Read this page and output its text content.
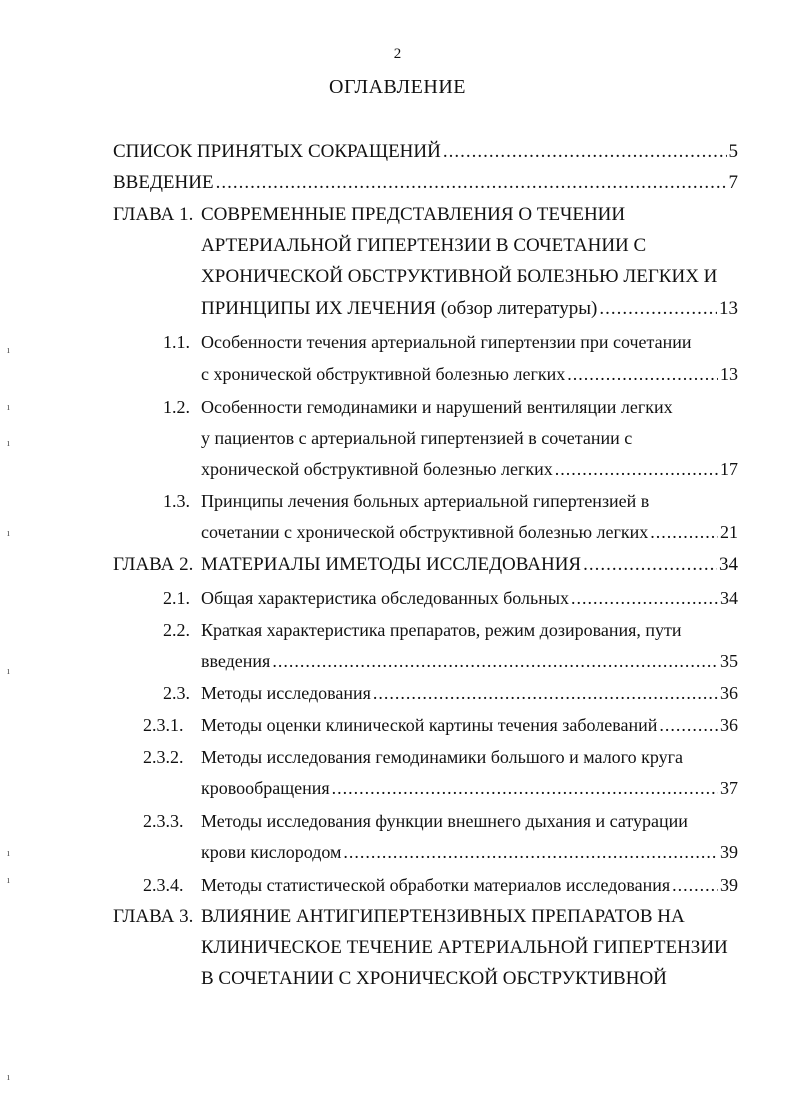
2
ОГЛАВЛЕНИЕ
СПИСОК ПРИНЯТЫХ СОКРАЩЕНИЙ .....	5
ВВЕДЕНИЕ .....	7
ГЛАВА 1. СОВРЕМЕННЫЕ ПРЕДСТАВЛЕНИЯ О ТЕЧЕНИИ
АРТЕРИАЛЬНОЙ ГИПЕРТЕНЗИИ В СОЧЕТАНИИ С
ХРОНИЧЕСКОЙ ОБСТРУКТИВНОЙ БОЛЕЗНЬЮ ЛЕГКИХ И
ПРИНЦИПЫ ИХ ЛЕЧЕНИЯ (обзор литературы) .....	13
1.1. Особенности течения артериальной гипертензии при сочетании
с хронической обструктивной болезнью легких .....	13
1.2. Особенности гемодинамики и нарушений вентиляции легких
у пациентов с артериальной гипертензией в сочетании с
хронической обструктивной болезнью легких .....	17
1.3. Принципы лечения больных артериальной гипертензией в
сочетании с хронической обструктивной болезнью легких .....	21
ГЛАВА 2. МАТЕРИАЛЫ ИМЕТОДЫ ИССЛЕДОВАНИЯ .....	34
2.1. Общая характеристика обследованных больных .....	34
2.2. Краткая характеристика препаратов, режим дозирования, пути
введения .....	35
2.3. Методы исследования .....	36
2.3.1. Методы оценки клинической картины течения заболеваний .....	36
2.3.2. Методы исследования гемодинамики большого и малого круга
кровообращения .....	37
2.3.3. Методы исследования функции внешнего дыхания и сатурации
крови кислородом .....	39
2.3.4. Методы статистической обработки материалов исследования .....	39
ГЛАВА 3. ВЛИЯНИЕ АНТИГИПЕРТЕНЗИВНЫХ ПРЕПАРАТОВ НА
КЛИНИЧЕСКОЕ ТЕЧЕНИЕ АРТЕРИАЛЬНОЙ ГИПЕРТЕНЗИИ
В СОЧЕТАНИИ С ХРОНИЧЕСКОЙ ОБСТРУКТИВНОЙ
ı
ı
ı
ı
ı
ı
ı
ı
